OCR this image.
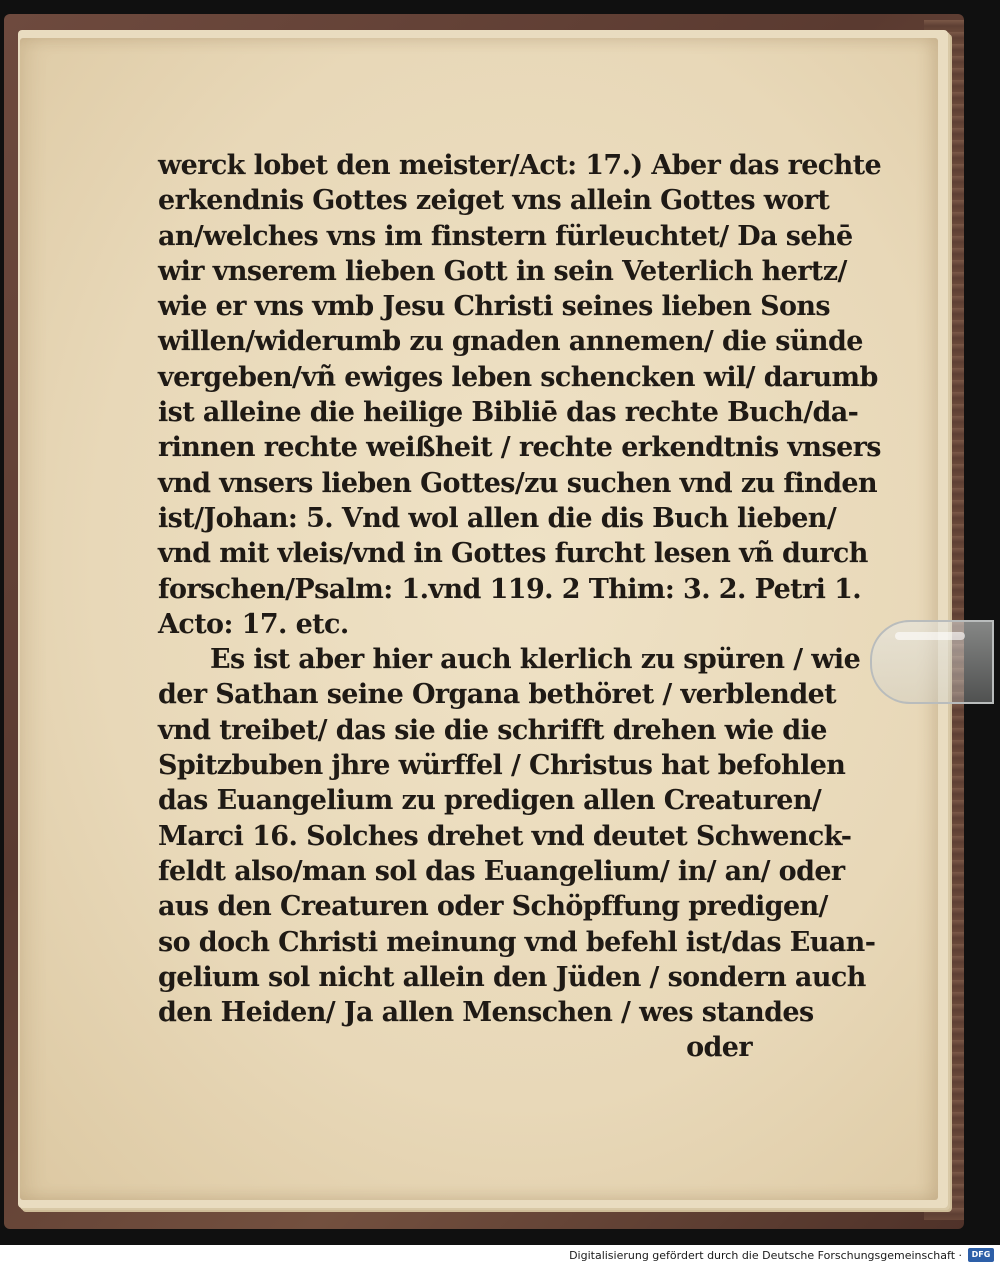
werck lobet den meister/Act: 17.) Aber das rechte
erkendnis Gottes zeiget vns allein Gottes wort
an/welches vns im finstern fürleuchtet/ Da sehē
wir vnserem lieben Gott in sein Veterlich hertz/
wie er vns vmb Jesu Christi seines lieben Sons
willen/widerumb zu gnaden annemen/ die sünde
vergeben/vñ ewiges leben schencken wil/ darumb
ist alleine die heilige Bibliē das rechte Buch/da-
rinnen rechte weißheit / rechte erkendtnis vnsers
vnd vnsers lieben Gottes/zu suchen vnd zu finden
ist/Johan: 5. Vnd wol allen die dis Buch lieben/
vnd mit vleis/vnd in Gottes furcht lesen vñ durch
forschen/Psalm: 1.vnd 119. 2 Thim: 3. 2. Petri 1.
Acto: 17. etc.
Es ist aber hier auch klerlich zu spüren / wie
der Sathan seine Organa bethöret / verblendet
vnd treibet/ das sie die schrifft drehen wie die
Spitzbuben jhre würffel / Christus hat befohlen
das Euangelium zu predigen allen Creaturen/
Marci 16. Solches drehet vnd deutet Schwenck-
feldt also/man sol das Euangelium/ in/ an/ oder
aus den Creaturen oder Schöpffung predigen/
so doch Christi meinung vnd befehl ist/das Euan-
gelium sol nicht allein den Jüden / sondern auch
den Heiden/ Ja allen Menschen / wes standes
oder
Digitalisierung gefördert durch die Deutsche Forschungsgemeinschaft ·	DFG
